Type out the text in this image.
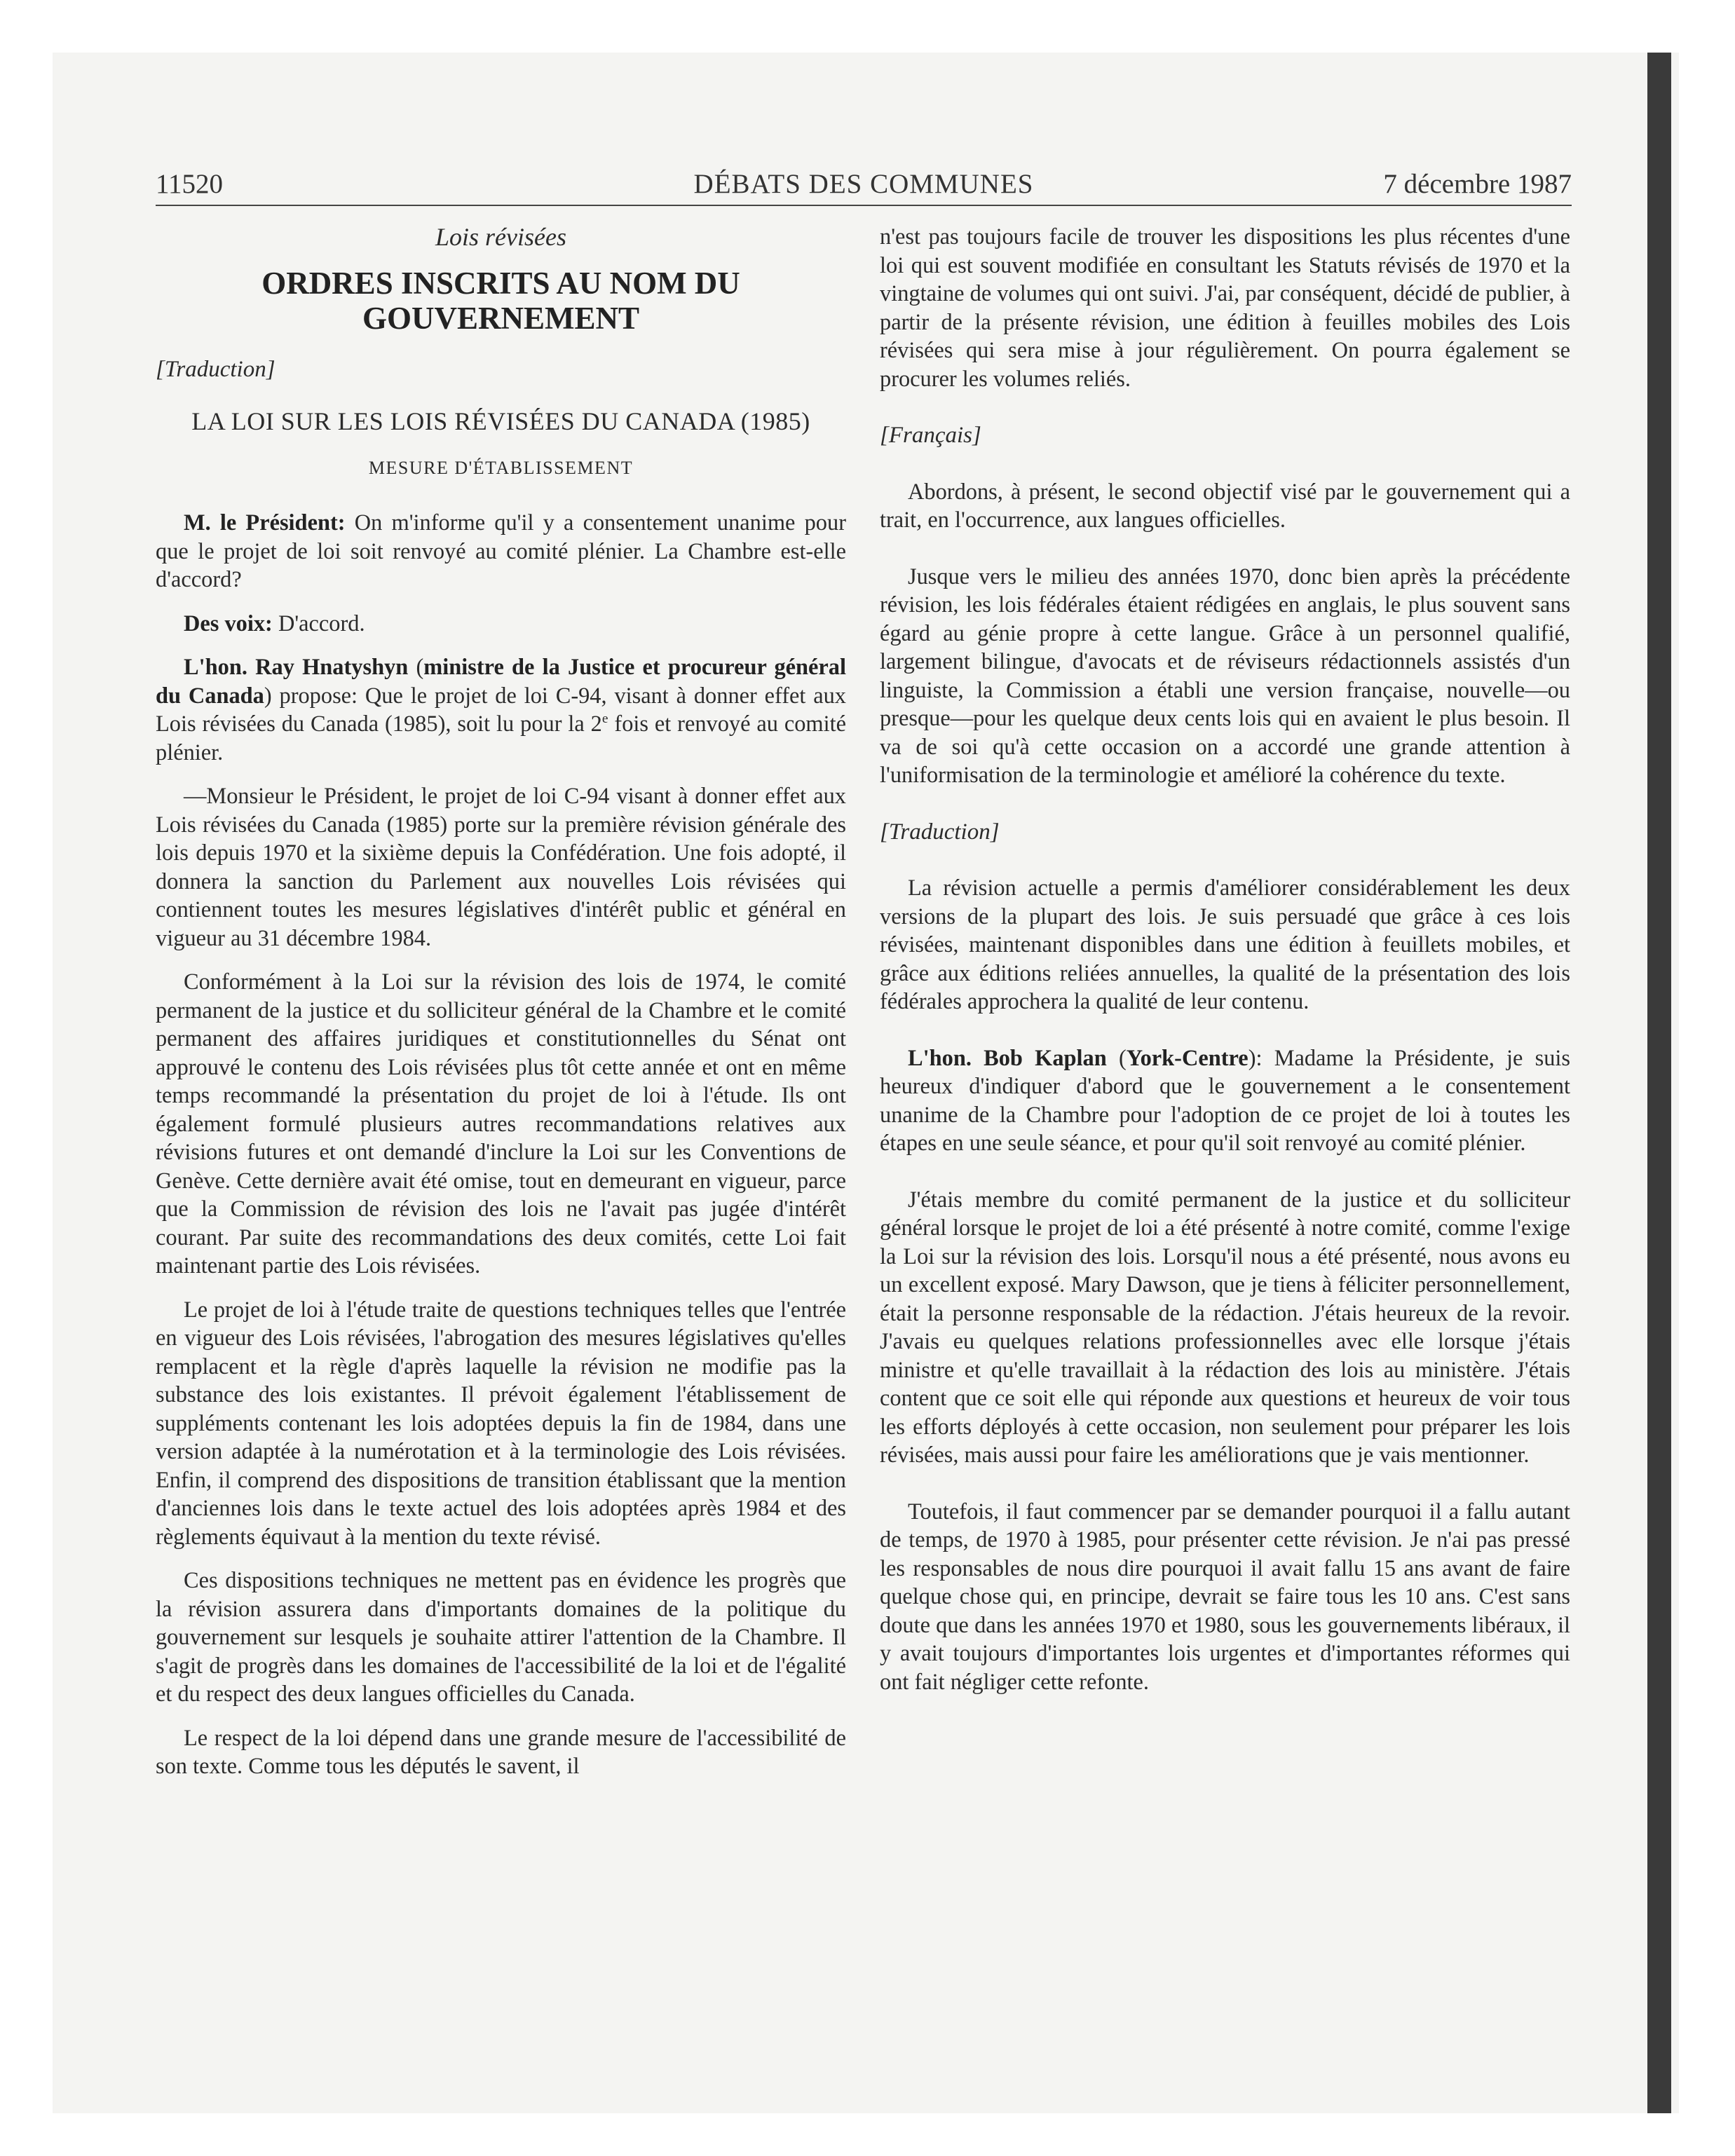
11520	DÉBATS DES COMMUNES	7 décembre 1987
Lois révisées
ORDRES INSCRITS AU NOM DU GOUVERNEMENT
[Traduction]
LA LOI SUR LES LOIS RÉVISÉES DU CANADA (1985)
MESURE D'ÉTABLISSEMENT

M. le Président: On m'informe qu'il y a consentement unanime pour que le projet de loi soit renvoyé au comité plénier. La Chambre est-elle d'accord?

Des voix: D'accord.

L'hon. Ray Hnatyshyn (ministre de la Justice et procureur général du Canada) propose: Que le projet de loi C-94, visant à donner effet aux Lois révisées du Canada (1985), soit lu pour la 2e fois et renvoyé au comité plénier.

—Monsieur le Président, le projet de loi C-94 visant à donner effet aux Lois révisées du Canada (1985) porte sur la première révision générale des lois depuis 1970 et la sixième depuis la Confédération. Une fois adopté, il donnera la sanction du Parlement aux nouvelles Lois révisées qui contiennent toutes les mesures législatives d'intérêt public et général en vigueur au 31 décembre 1984.

Conformément à la Loi sur la révision des lois de 1974, le comité permanent de la justice et du solliciteur général de la Chambre et le comité permanent des affaires juridiques et constitutionnelles du Sénat ont approuvé le contenu des Lois révisées plus tôt cette année et ont en même temps recommandé la présentation du projet de loi à l'étude. Ils ont également formulé plusieurs autres recommandations relatives aux révisions futures et ont demandé d'inclure la Loi sur les Conventions de Genève. Cette dernière avait été omise, tout en demeurant en vigueur, parce que la Commission de révision des lois ne l'avait pas jugée d'intérêt courant. Par suite des recommandations des deux comités, cette Loi fait maintenant partie des Lois révisées.

Le projet de loi à l'étude traite de questions techniques telles que l'entrée en vigueur des Lois révisées, l'abrogation des mesures législatives qu'elles remplacent et la règle d'après laquelle la révision ne modifie pas la substance des lois existantes. Il prévoit également l'établissement de suppléments contenant les lois adoptées depuis la fin de 1984, dans une version adaptée à la numérotation et à la terminologie des Lois révisées. Enfin, il comprend des dispositions de transition établissant que la mention d'anciennes lois dans le texte actuel des lois adoptées après 1984 et des règlements équivaut à la mention du texte révisé.

Ces dispositions techniques ne mettent pas en évidence les progrès que la révision assurera dans d'importants domaines de la politique du gouvernement sur lesquels je souhaite attirer l'attention de la Chambre. Il s'agit de progrès dans les domaines de l'accessibilité de la loi et de l'égalité et du respect des deux langues officielles du Canada.

Le respect de la loi dépend dans une grande mesure de l'accessibilité de son texte. Comme tous les députés le savent, il

n'est pas toujours facile de trouver les dispositions les plus récentes d'une loi qui est souvent modifiée en consultant les Statuts révisés de 1970 et la vingtaine de volumes qui ont suivi. J'ai, par conséquent, décidé de publier, à partir de la présente révision, une édition à feuilles mobiles des Lois révisées qui sera mise à jour régulièrement. On pourra également se procurer les volumes reliés.

[Français]

Abordons, à présent, le second objectif visé par le gouvernement qui a trait, en l'occurrence, aux langues officielles.

Jusque vers le milieu des années 1970, donc bien après la précédente révision, les lois fédérales étaient rédigées en anglais, le plus souvent sans égard au génie propre à cette langue. Grâce à un personnel qualifié, largement bilingue, d'avocats et de réviseurs rédactionnels assistés d'un linguiste, la Commission a établi une version française, nouvelle—ou presque—pour les quelque deux cents lois qui en avaient le plus besoin. Il va de soi qu'à cette occasion on a accordé une grande attention à l'uniformisation de la terminologie et amélioré la cohérence du texte.

[Traduction]

La révision actuelle a permis d'améliorer considérablement les deux versions de la plupart des lois. Je suis persuadé que grâce à ces lois révisées, maintenant disponibles dans une édition à feuillets mobiles, et grâce aux éditions reliées annuelles, la qualité de la présentation des lois fédérales approchera la qualité de leur contenu.

L'hon. Bob Kaplan (York-Centre): Madame la Présidente, je suis heureux d'indiquer d'abord que le gouvernement a le consentement unanime de la Chambre pour l'adoption de ce projet de loi à toutes les étapes en une seule séance, et pour qu'il soit renvoyé au comité plénier.

J'étais membre du comité permanent de la justice et du solliciteur général lorsque le projet de loi a été présenté à notre comité, comme l'exige la Loi sur la révision des lois. Lorsqu'il nous a été présenté, nous avons eu un excellent exposé. Mary Dawson, que je tiens à féliciter personnellement, était la personne responsable de la rédaction. J'étais heureux de la revoir. J'avais eu quelques relations professionnelles avec elle lorsque j'étais ministre et qu'elle travaillait à la rédaction des lois au ministère. J'étais content que ce soit elle qui réponde aux questions et heureux de voir tous les efforts déployés à cette occasion, non seulement pour préparer les lois révisées, mais aussi pour faire les améliorations que je vais mentionner.

Toutefois, il faut commencer par se demander pourquoi il a fallu autant de temps, de 1970 à 1985, pour présenter cette révision. Je n'ai pas pressé les responsables de nous dire pourquoi il avait fallu 15 ans avant de faire quelque chose qui, en principe, devrait se faire tous les 10 ans. C'est sans doute que dans les années 1970 et 1980, sous les gouvernements libéraux, il y avait toujours d'importantes lois urgentes et d'importantes réformes qui ont fait négliger cette refonte.
